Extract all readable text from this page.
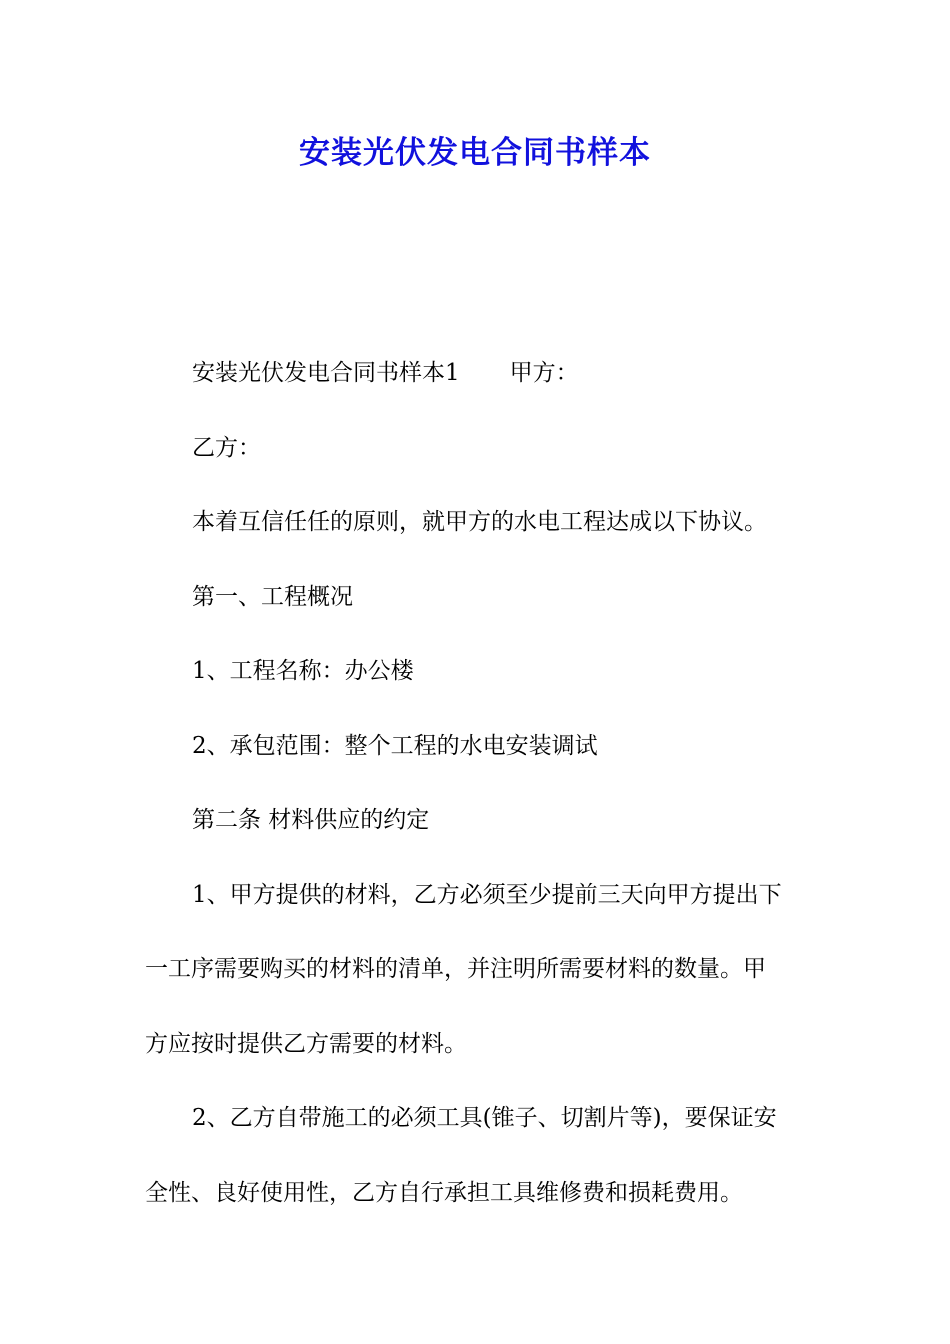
安装光伏发电合同书样本
安装光伏发电合同书样本1 甲方：
乙方：
本着互信任任的原则，就甲方的水电工程达成以下协议。
第一、工程概况
1、工程名称：办公楼
2、承包范围：整个工程的水电安装调试
第二条 材料供应的约定
1、甲方提供的材料，乙方必须至少提前三天向甲方提出下
一工序需要购买的材料的清单，并注明所需要材料的数量。甲
方应按时提供乙方需要的材料。
2、乙方自带施工的必须工具(锥子、切割片等)，要保证安
全性、良好使用性，乙方自行承担工具维修费和损耗费用。
